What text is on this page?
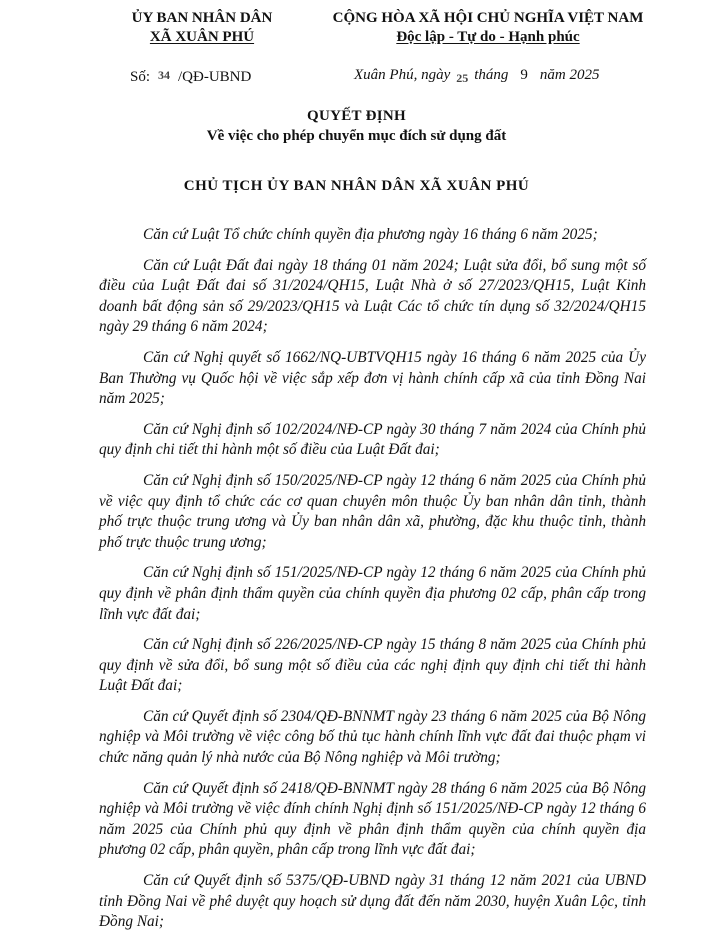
ỦY BAN NHÂN DÂN
XÃ XUÂN PHÚ
CỘNG HÒA XÃ HỘI CHỦ NGHĨA VIỆT NAM
Độc lập - Tự do - Hạnh phúc
Số: 34 /QĐ-UBND	Xuân Phú, ngày $_{25}$ tháng 9 năm 2025
QUYẾT ĐỊNH
Về việc cho phép chuyển mục đích sử dụng đất
CHỦ TỊCH ỦY BAN NHÂN DÂN XÃ XUÂN PHÚ

Căn cứ Luật Tổ chức chính quyền địa phương ngày 16 tháng 6 năm 2025;

Căn cứ Luật Đất đai ngày 18 tháng 01 năm 2024; Luật sửa đổi, bổ sung một số điều của Luật Đất đai số 31/2024/QH15, Luật Nhà ở số 27/2023/QH15, Luật Kinh doanh bất động sản số 29/2023/QH15 và Luật Các tổ chức tín dụng số 32/2024/QH15 ngày 29 tháng 6 năm 2024;

Căn cứ Nghị quyết số 1662/NQ-UBTVQH15 ngày 16 tháng 6 năm 2025 của Ủy Ban Thường vụ Quốc hội về việc sắp xếp đơn vị hành chính cấp xã của tỉnh Đồng Nai năm 2025;

Căn cứ Nghị định số 102/2024/NĐ-CP ngày 30 tháng 7 năm 2024 của Chính phủ quy định chi tiết thi hành một số điều của Luật Đất đai;

Căn cứ Nghị định số 150/2025/NĐ-CP ngày 12 tháng 6 năm 2025 của Chính phủ về việc quy định tổ chức các cơ quan chuyên môn thuộc Ủy ban nhân dân tỉnh, thành phố trực thuộc trung ương và Ủy ban nhân dân xã, phường, đặc khu thuộc tỉnh, thành phố trực thuộc trung ương;

Căn cứ Nghị định số 151/2025/NĐ-CP ngày 12 tháng 6 năm 2025 của Chính phủ quy định về phân định thẩm quyền của chính quyền địa phương 02 cấp, phân cấp trong lĩnh vực đất đai;

Căn cứ Nghị định số 226/2025/NĐ-CP ngày 15 tháng 8 năm 2025 của Chính phủ quy định về sửa đổi, bổ sung một số điều của các nghị định quy định chi tiết thi hành Luật Đất đai;

Căn cứ Quyết định số 2304/QĐ-BNNMT ngày 23 tháng 6 năm 2025 của Bộ Nông nghiệp và Môi trường về việc công bố thủ tục hành chính lĩnh vực đất đai thuộc phạm vi chức năng quản lý nhà nước của Bộ Nông nghiệp và Môi trường;

Căn cứ Quyết định số 2418/QĐ-BNNMT ngày 28 tháng 6 năm 2025 của Bộ Nông nghiệp và Môi trường về việc đính chính Nghị định số 151/2025/NĐ-CP ngày 12 tháng 6 năm 2025 của Chính phủ quy định về phân định thẩm quyền của chính quyền địa phương 02 cấp, phân quyền, phân cấp trong lĩnh vực đất đai;

Căn cứ Quyết định số 5375/QĐ-UBND ngày 31 tháng 12 năm 2021 của UBND tỉnh Đồng Nai về phê duyệt quy hoạch sử dụng đất đến năm 2030, huyện Xuân Lộc, tỉnh Đồng Nai;
